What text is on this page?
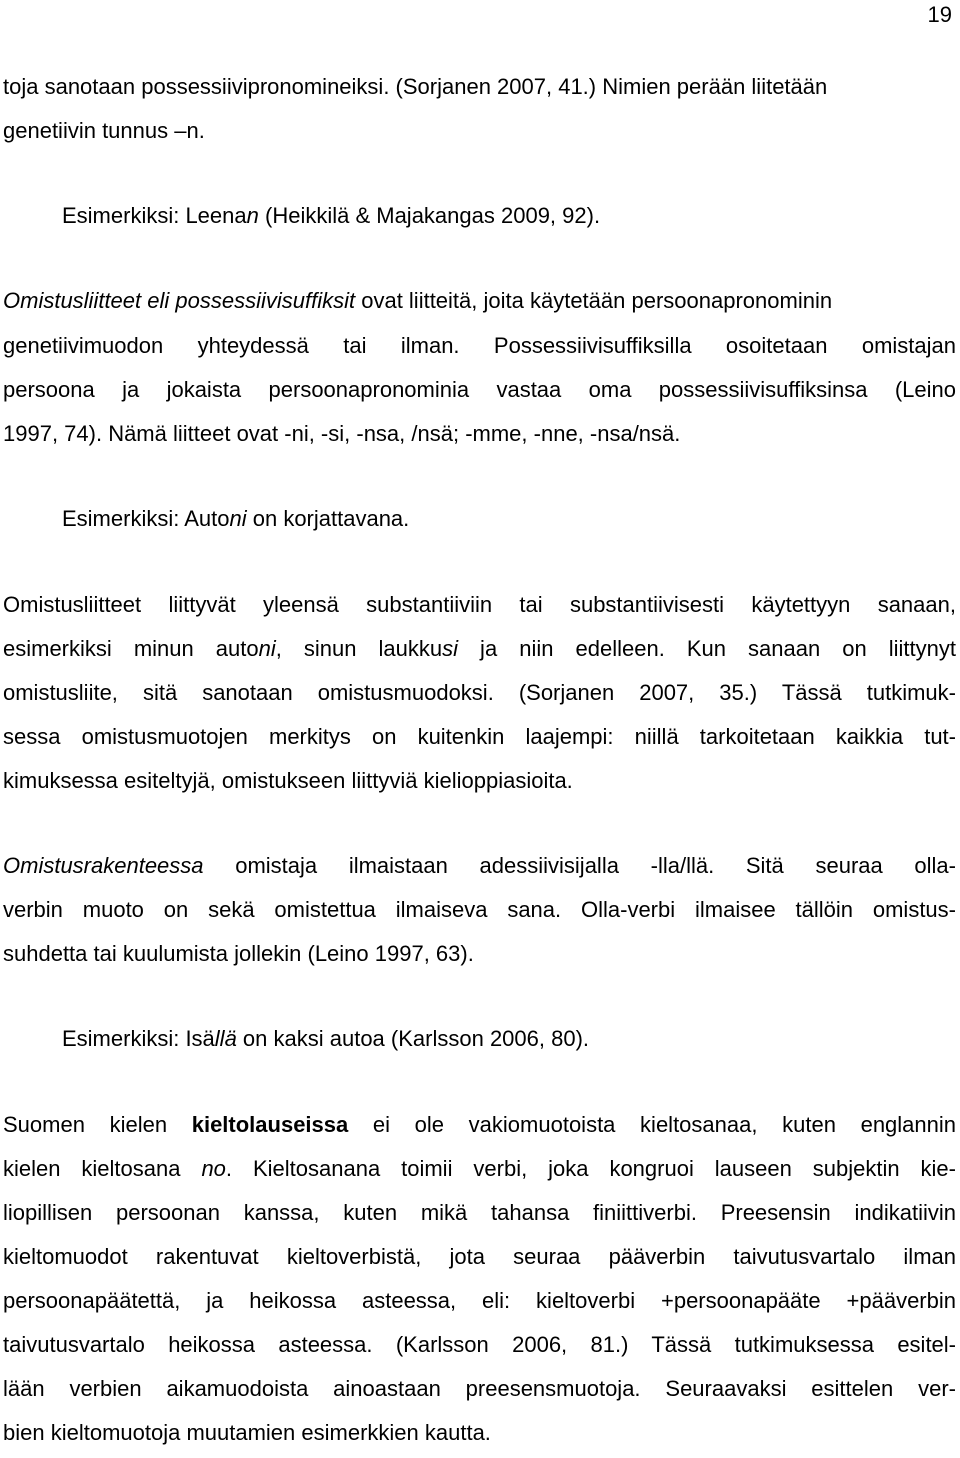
19
toja sanotaan possessiivipronomineiksi. (Sorjanen 2007, 41.) Nimien perään liitetään
genetiivin tunnus –n.
Esimerkiksi: Leenan (Heikkilä & Majakangas 2009, 92).
Omistusliitteet eli possessiivisuffiksit ovat liitteitä, joita käytetään persoonapronominin
genetiivimuodon yhteydessä tai ilman. Possessiivisuffiksilla osoitetaan omistajan
persoona ja jokaista persoonapronominia vastaa oma possessiivisuffiksinsa (Leino
1997, 74). Nämä liitteet ovat -ni, -si, -nsa, /nsä; -mme, -nne, -nsa/nsä.
Esimerkiksi: Autoni on korjattavana.
Omistusliitteet liittyvät yleensä substantiiviin tai substantiivisesti käytettyyn sanaan,
esimerkiksi minun autoni, sinun laukkusi ja niin edelleen. Kun sanaan on liittynyt
omistusliite, sitä sanotaan omistusmuodoksi. (Sorjanen 2007, 35.) Tässä tutkimuk-
sessa omistusmuotojen merkitys on kuitenkin laajempi: niillä tarkoitetaan kaikkia tut-
kimuksessa esiteltyjä, omistukseen liittyviä kielioppiasioita.
Omistusrakenteessa omistaja ilmaistaan adessiivisijalla -lla/llä. Sitä seuraa olla-
verbin muoto on sekä omistettua ilmaiseva sana. Olla-verbi ilmaisee tällöin omistus-
suhdetta tai kuulumista jollekin (Leino 1997, 63).
Esimerkiksi: Isällä on kaksi autoa (Karlsson 2006, 80).
Suomen kielen kieltolauseissa ei ole vakiomuotoista kieltosanaa, kuten englannin
kielen kieltosana no. Kieltosanana toimii verbi, joka kongruoi lauseen subjektin kie-
liopillisen persoonan kanssa, kuten mikä tahansa finiittiverbi. Preesensin indikatiivin
kieltomuodot rakentuvat kieltoverbistä, jota seuraa pääverbin taivutusvartalo ilman
persoonapäätettä, ja heikossa asteessa, eli: kieltoverbi +persoonapääte +pääverbin
taivutusvartalo heikossa asteessa. (Karlsson 2006, 81.) Tässä tutkimuksessa esitel-
lään verbien aikamuodoista ainoastaan preesensmuotoja. Seuraavaksi esittelen ver-
bien kieltomuotoja muutamien esimerkkien kautta.
